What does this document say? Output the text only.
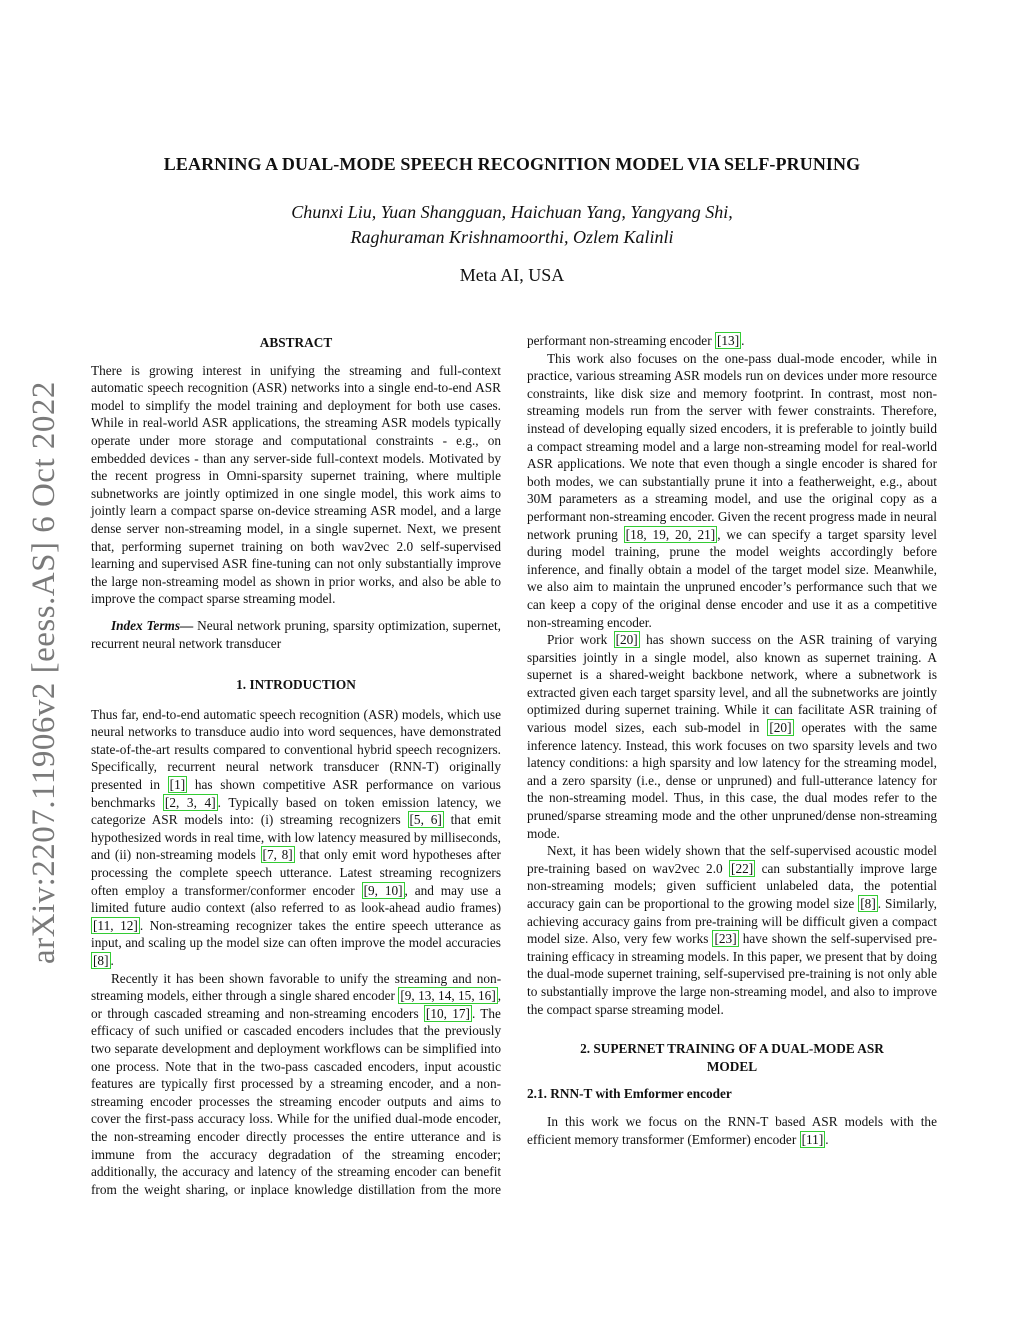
arXiv:2207.11906v2 [eess.AS] 6 Oct 2022
LEARNING A DUAL-MODE SPEECH RECOGNITION MODEL VIA SELF-PRUNING
Chunxi Liu, Yuan Shangguan, Haichuan Yang, Yangyang Shi,
Raghuraman Krishnamoorthi, Ozlem Kalinli
Meta AI, USA
ABSTRACT

There is growing interest in unifying the streaming and full-context automatic speech recognition (ASR) networks into a single end-to-end ASR model to simplify the model training and deployment for both use cases. While in real-world ASR applications, the streaming ASR models typically operate under more storage and computational constraints - e.g., on embedded devices - than any server-side full-context models. Motivated by the recent progress in Omni-sparsity supernet training, where multiple subnetworks are jointly optimized in one single model, this work aims to jointly learn a compact sparse on-device streaming ASR model, and a large dense server non-streaming model, in a single supernet. Next, we present that, performing supernet training on both wav2vec 2.0 self-supervised learning and supervised ASR fine-tuning can not only substantially improve the large non-streaming model as shown in prior works, and also be able to improve the compact sparse streaming model.

Index Terms— Neural network pruning, sparsity optimization, supernet, recurrent neural network transducer

1. INTRODUCTION

Thus far, end-to-end automatic speech recognition (ASR) models, which use neural networks to transduce audio into word sequences, have demonstrated state-of-the-art results compared to conventional hybrid speech recognizers. Specifically, recurrent neural network transducer (RNN-T) originally presented in [1] has shown competitive ASR performance on various benchmarks [2, 3, 4] . Typically based on token emission latency, we categorize ASR models into: (i) streaming recognizers [5, 6] that emit hypothesized words in real time, with low latency measured by milliseconds, and (ii) non-streaming models [7, 8] that only emit word hypotheses after processing the complete speech utterance. Latest streaming recognizers often employ a transformer/conformer encoder [9, 10] , and may use a limited future audio context (also referred to as look-ahead audio frames) [11, 12] . Non-streaming recognizer takes the entire speech utterance as input, and scaling up the model size can often improve the model accuracies [8] .

Recently it has been shown favorable to unify the streaming and non-streaming models, either through a single shared encoder [9, 13, 14, 15, 16] , or through cascaded streaming and non-streaming encoders [10, 17] . The efficacy of such unified or cascaded encoders includes that the previously two separate development and deployment workflows can be simplified into one process. Note that in the two-pass cascaded encoders, input acoustic features are typically first processed by a streaming encoder, and a non-streaming encoder processes the streaming encoder outputs and aims to cover the first-pass accuracy loss. While for the unified dual-mode encoder, the non-streaming encoder directly processes the entire utterance and is immune from the accuracy degradation of the streaming encoder; additionally, the accuracy and latency of the streaming encoder can benefit from the weight sharing, or inplace knowledge distillation from the more

performant non-streaming encoder [13] .

This work also focuses on the one-pass dual-mode encoder, while in practice, various streaming ASR models run on devices under more resource constraints, like disk size and memory footprint. In contrast, most non-streaming models run from the server with fewer constraints. Therefore, instead of developing equally sized encoders, it is preferable to jointly build a compact streaming model and a large non-streaming model for real-world ASR applications. We note that even though a single encoder is shared for both modes, we can substantially prune it into a featherweight, e.g., about 30M parameters as a streaming model, and use the original copy as a performant non-streaming encoder. Given the recent progress made in neural network pruning [18, 19, 20, 21] , we can specify a target sparsity level during model training, prune the model weights accordingly before inference, and finally obtain a model of the target model size. Meanwhile, we also aim to maintain the unpruned encoder’s performance such that we can keep a copy of the original dense encoder and use it as a competitive non-streaming encoder.

Prior work [20] has shown success on the ASR training of varying sparsities jointly in a single model, also known as supernet training. A supernet is a shared-weight backbone network, where a subnetwork is extracted given each target sparsity level, and all the subnetworks are jointly optimized during supernet training. While it can facilitate ASR training of various model sizes, each sub-model in [20] operates with the same inference latency. Instead, this work focuses on two sparsity levels and two latency conditions: a high sparsity and low latency for the streaming model, and a zero sparsity (i.e., dense or unpruned) and full-utterance latency for the non-streaming model. Thus, in this case, the dual modes refer to the pruned/sparse streaming mode and the other unpruned/dense non-streaming mode.

Next, it has been widely shown that the self-supervised acoustic model pre-training based on wav2vec 2.0 [22] can substantially improve large non-streaming models; given sufficient unlabeled data, the potential accuracy gain can be proportional to the growing model size [8] . Similarly, achieving accuracy gains from pre-training will be difficult given a compact model size. Also, very few works [23] have shown the self-supervised pre-training efficacy in streaming models. In this paper, we present that by doing the dual-mode supernet training, self-supervised pre-training is not only able to substantially improve the large non-streaming model, and also to improve the compact sparse streaming model.

2. SUPERNET TRAINING OF A DUAL-MODE ASR
MODEL
2.1. RNN-T with Emformer encoder

In this work we focus on the RNN-T based ASR models with the efficient memory transformer (Emformer) encoder [11] .
